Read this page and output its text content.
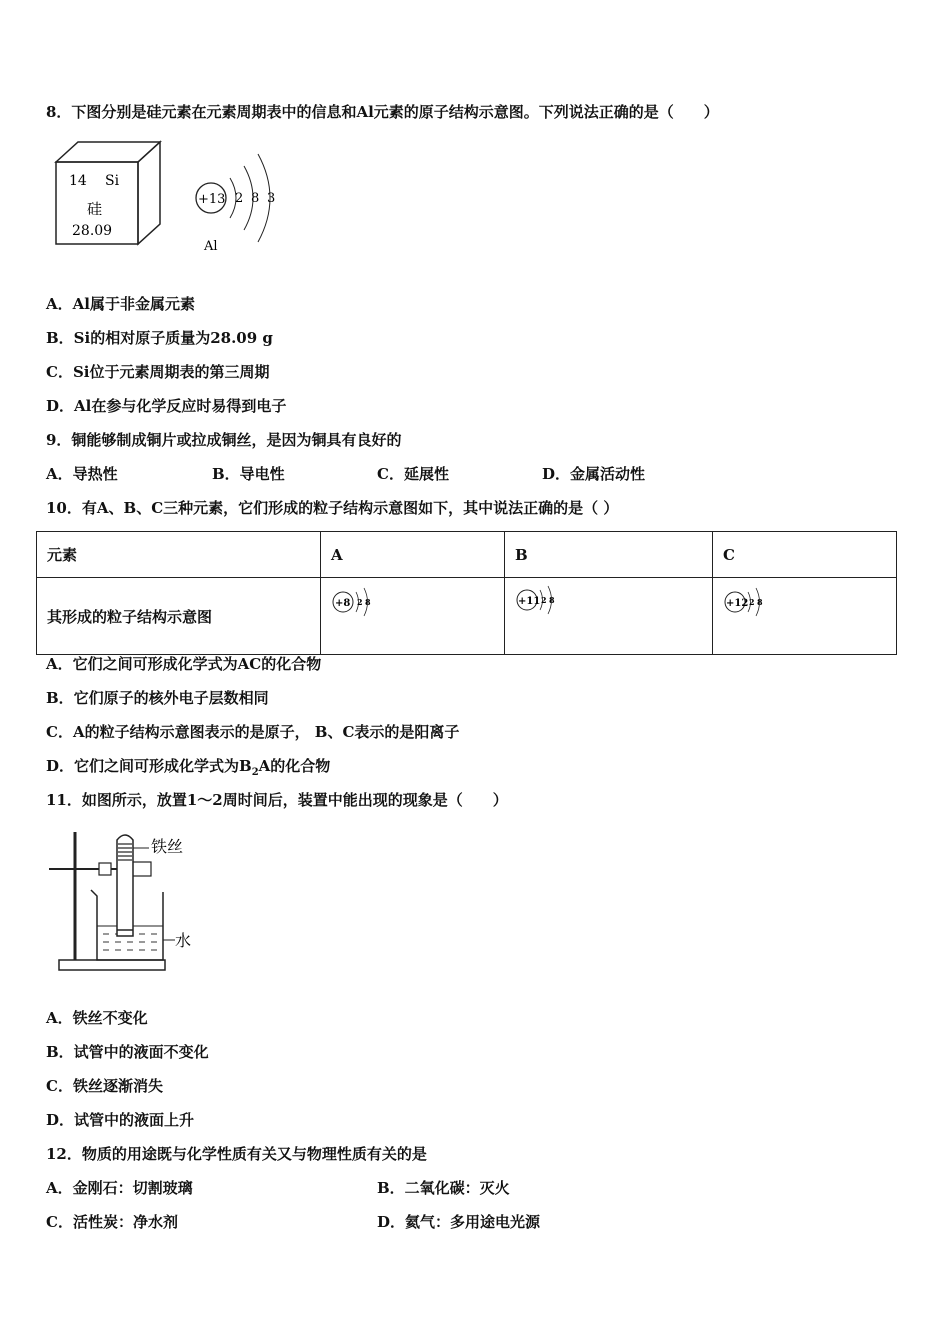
8．下图分别是硅元素在元素周期表中的信息和Al元素的原子结构示意图。下列说法正确的是（　　）
14 Si
硅
28.09
+13 2 8 3
Al
A．Al属于非金属元素
B．Si的相对原子质量为28.09 g
C．Si位于元素周期表的第三周期
D．Al在参与化学反应时易得到电子
9．铜能够制成铜片或拉成铜丝，是因为铜具有良好的
A．导热性	B．导电性	C．延展性	D．金属活动性
10．有A、B、C三种元素，它们形成的粒子结构示意图如下，其中说法正确的是（ ）
元素	A	B	C
其形成的粒子结构示意图	+8 2 8	+11 2 8	+12 2 8
A．它们之间可形成化学式为AC的化合物
B．它们原子的核外电子层数相同
C．A的粒子结构示意图表示的是原子， B、C表示的是阳离子
D．它们之间可形成化学式为$B_2A$的化合物
11．如图所示，放置1～2周时间后，装置中能出现的现象是（　　）
铁丝
水
A．铁丝不变化
B．试管中的液面不变化
C．铁丝逐渐消失
D．试管中的液面上升
12．物质的用途既与化学性质有关又与物理性质有关的是
A．金刚石：切割玻璃	B．二氧化碳：灭火
C．活性炭：净水剂	D．氦气：多用途电光源
